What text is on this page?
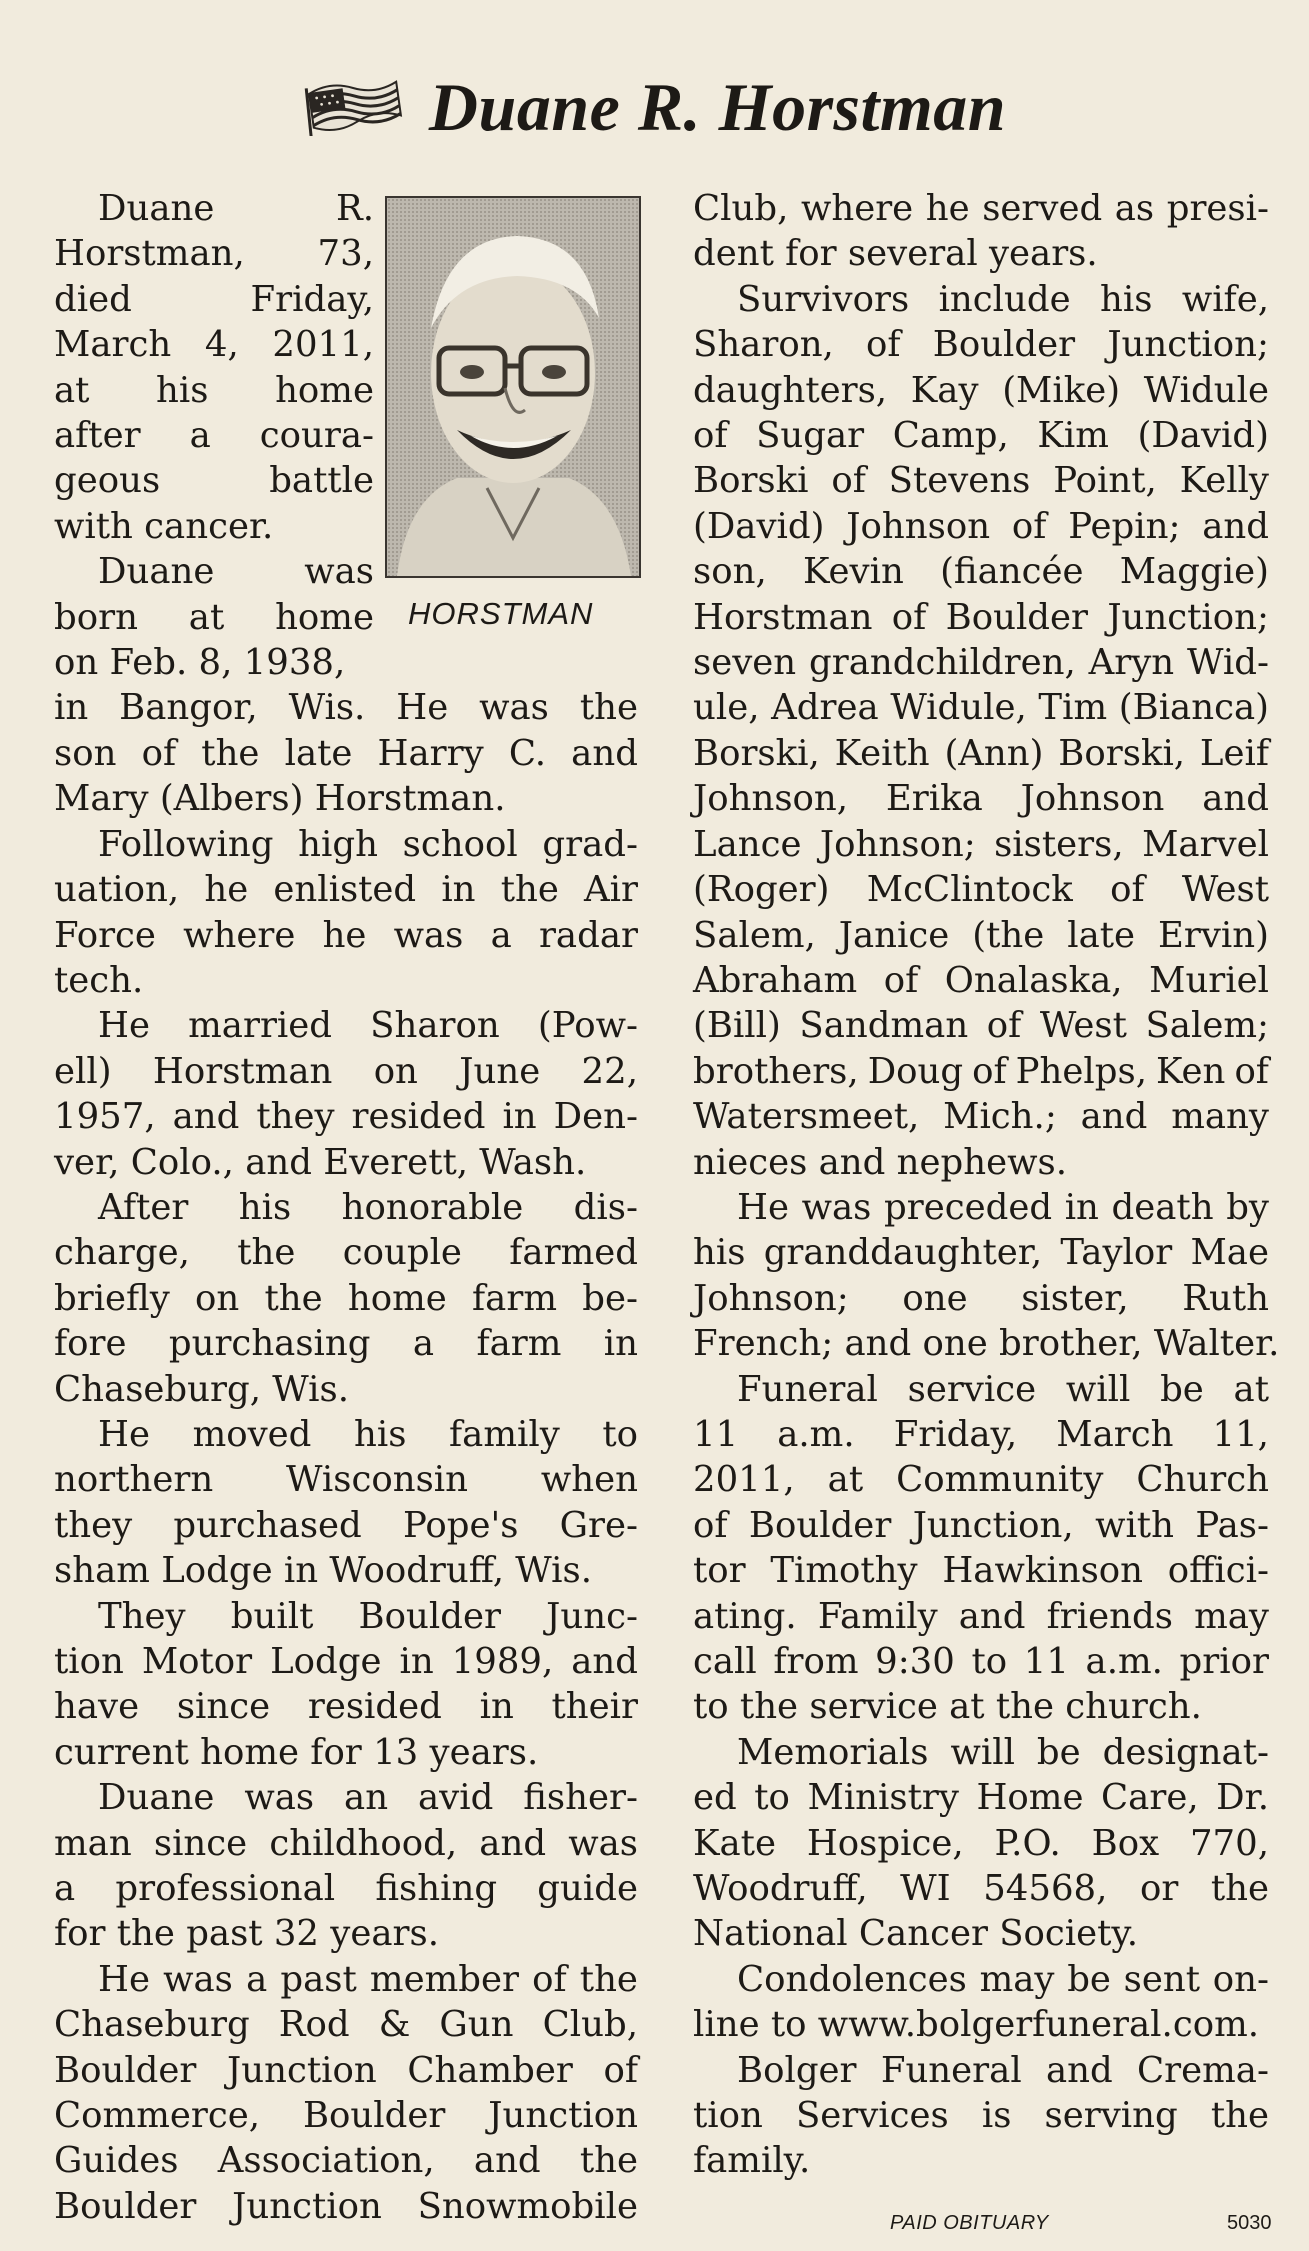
Duane R. Horstman
HORSTMAN
Duane	R.
Horstman, 73,
died	Friday,
March 4, 2011,
at his home
after a coura-
geous	battle
with cancer.
Duane	was
born at home
on Feb. 8, 1938,
in Bangor, Wis. He was the
son of the late Harry C. and
Mary (Albers) Horstman.
Following high school grad-
uation, he enlisted in the Air
Force where he was a radar
tech.
He married Sharon (Pow-
ell) Horstman on June 22,
1957, and they resided in Den-
ver, Colo., and Everett, Wash.
After his honorable dis-
charge, the couple farmed
briefly on the home farm be-
fore purchasing a farm in
Chaseburg, Wis.
He moved his family to
northern Wisconsin when
they purchased Pope's Gre-
sham Lodge in Woodruff, Wis.
They built Boulder Junc-
tion Motor Lodge in 1989, and
have since resided in their
current home for 13 years.
Duane was an avid fisher-
man since childhood, and was
a professional fishing guide
for the past 32 years.
He was a past member of the
Chaseburg Rod & Gun Club,
Boulder Junction Chamber of
Commerce, Boulder Junction
Guides Association, and the
Boulder Junction Snowmobile
Club, where he served as presi-
dent for several years.
Survivors include his wife,
Sharon, of Boulder Junction;
daughters, Kay (Mike) Widule
of Sugar Camp, Kim (David)
Borski of Stevens Point, Kelly
(David) Johnson of Pepin; and
son, Kevin (fiancée Maggie)
Horstman of Boulder Junction;
seven grandchildren, Aryn Wid-
ule, Adrea Widule, Tim (Bianca)
Borski, Keith (Ann) Borski, Leif
Johnson, Erika Johnson and
Lance Johnson; sisters, Marvel
(Roger) McClintock of West
Salem, Janice (the late Ervin)
Abraham of Onalaska, Muriel
(Bill) Sandman of West Salem;
brothers, Doug of Phelps, Ken of
Watersmeet, Mich.; and many
nieces and nephews.
He was preceded in death by
his granddaughter, Taylor Mae
Johnson; one sister, Ruth
French; and one brother, Walter.
Funeral service will be at
11 a.m. Friday, March 11,
2011, at Community Church
of Boulder Junction, with Pas-
tor Timothy Hawkinson offici-
ating. Family and friends may
call from 9:30 to 11 a.m. prior
to the service at the church.
Memorials will be designat-
ed to Ministry Home Care, Dr.
Kate Hospice, P.O. Box 770,
Woodruff, WI 54568, or the
National Cancer Society.
Condolences may be sent on-
line to www.bolgerfuneral.com.
Bolger Funeral and Crema-
tion Services is serving the
family.
PAID OBITUARY	5030
